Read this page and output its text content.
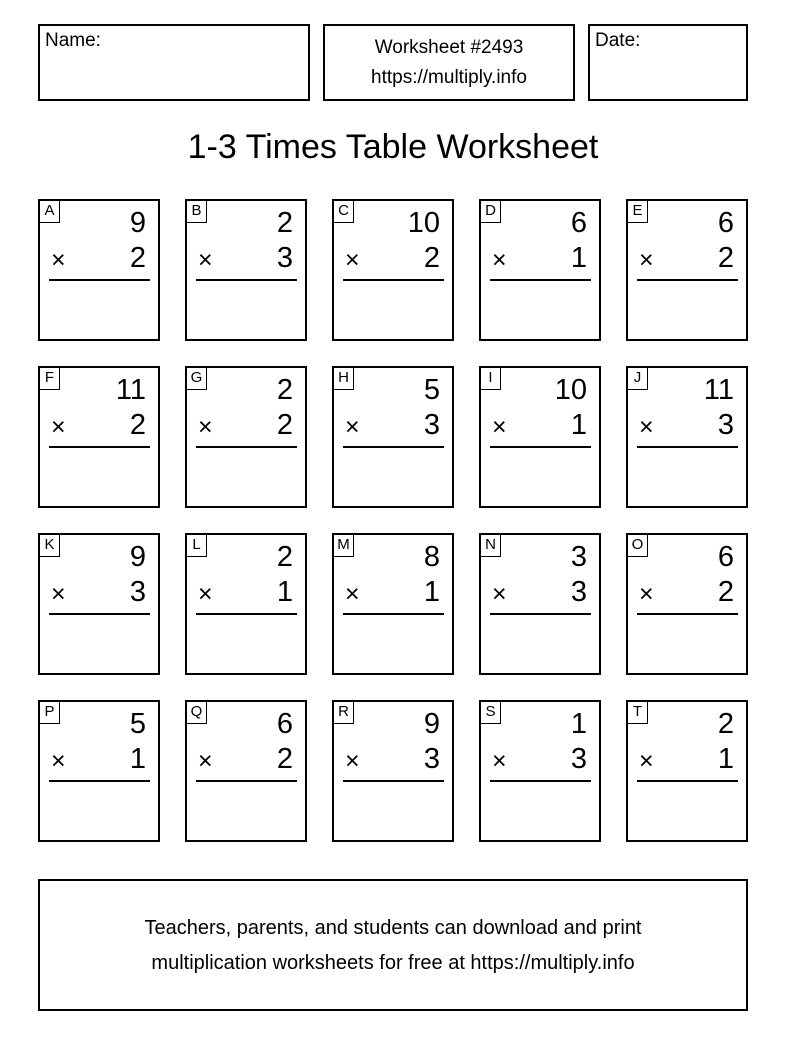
Name:	Worksheet #2493
https://multiply.info
Date:
1-3 Times Table Worksheet
A	9
× 2
B	2
× 3
C 10
× 2
D	6
× 1
E	6
× 2
F 11
× 2
G	2
× 2
H	5
× 3
I 10
× 1
J 11
× 3
K	9
× 3
L	2
× 1
M	8
× 1
N	3
× 3
O	6
× 2
P	5
× 1
Q	6
× 2
R	9
× 3
S	1
× 3
T	2
× 1
Teachers, parents, and students can download and print
multiplication worksheets for free at https://multiply.info
